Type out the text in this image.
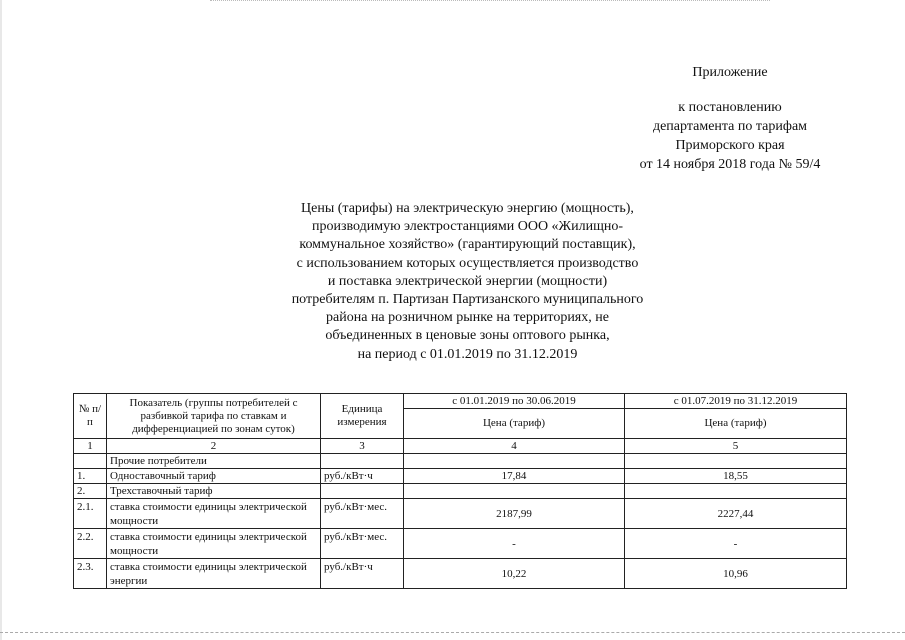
Приложение
к постановлению
департамента по тарифам
Приморского края
от 14 ноября 2018 года № 59/4
Цены (тарифы) на электрическую энергию (мощность),
производимую электростанциями ООО «Жилищно-
коммунальное хозяйство» (гарантирующий поставщик),
с использованием которых осуществляется производство
и поставка электрической энергии (мощности)
потребителям п. Партизан Партизанского муниципального
района на розничном рынке на территориях, не
объединенных в ценовые зоны оптового рынка,
на период с 01.01.2019 по 31.12.2019
№ п/п	Показатель (группы потребителей с разбивкой тарифа по ставкам и дифференциацией по зонам суток)	Единица измерения	с 01.01.2019 по 30.06.2019	с 01.07.2019 по 31.12.2019
			Цена (тариф)	Цена (тариф)
1	2	3	4	5
	Прочие потребители			
1.	Одноставочный тариф	руб./кВт·ч	17,84	18,55
2.	Трехставочный тариф			
2.1.	ставка стоимости единицы электрической мощности	руб./кВт·мес.	2187,99	2227,44
2.2.	ставка стоимости единицы электрической мощности	руб./кВт·мес.	-	-
2.3.	ставка стоимости единицы электрической энергии	руб./кВт·ч	10,22	10,96
